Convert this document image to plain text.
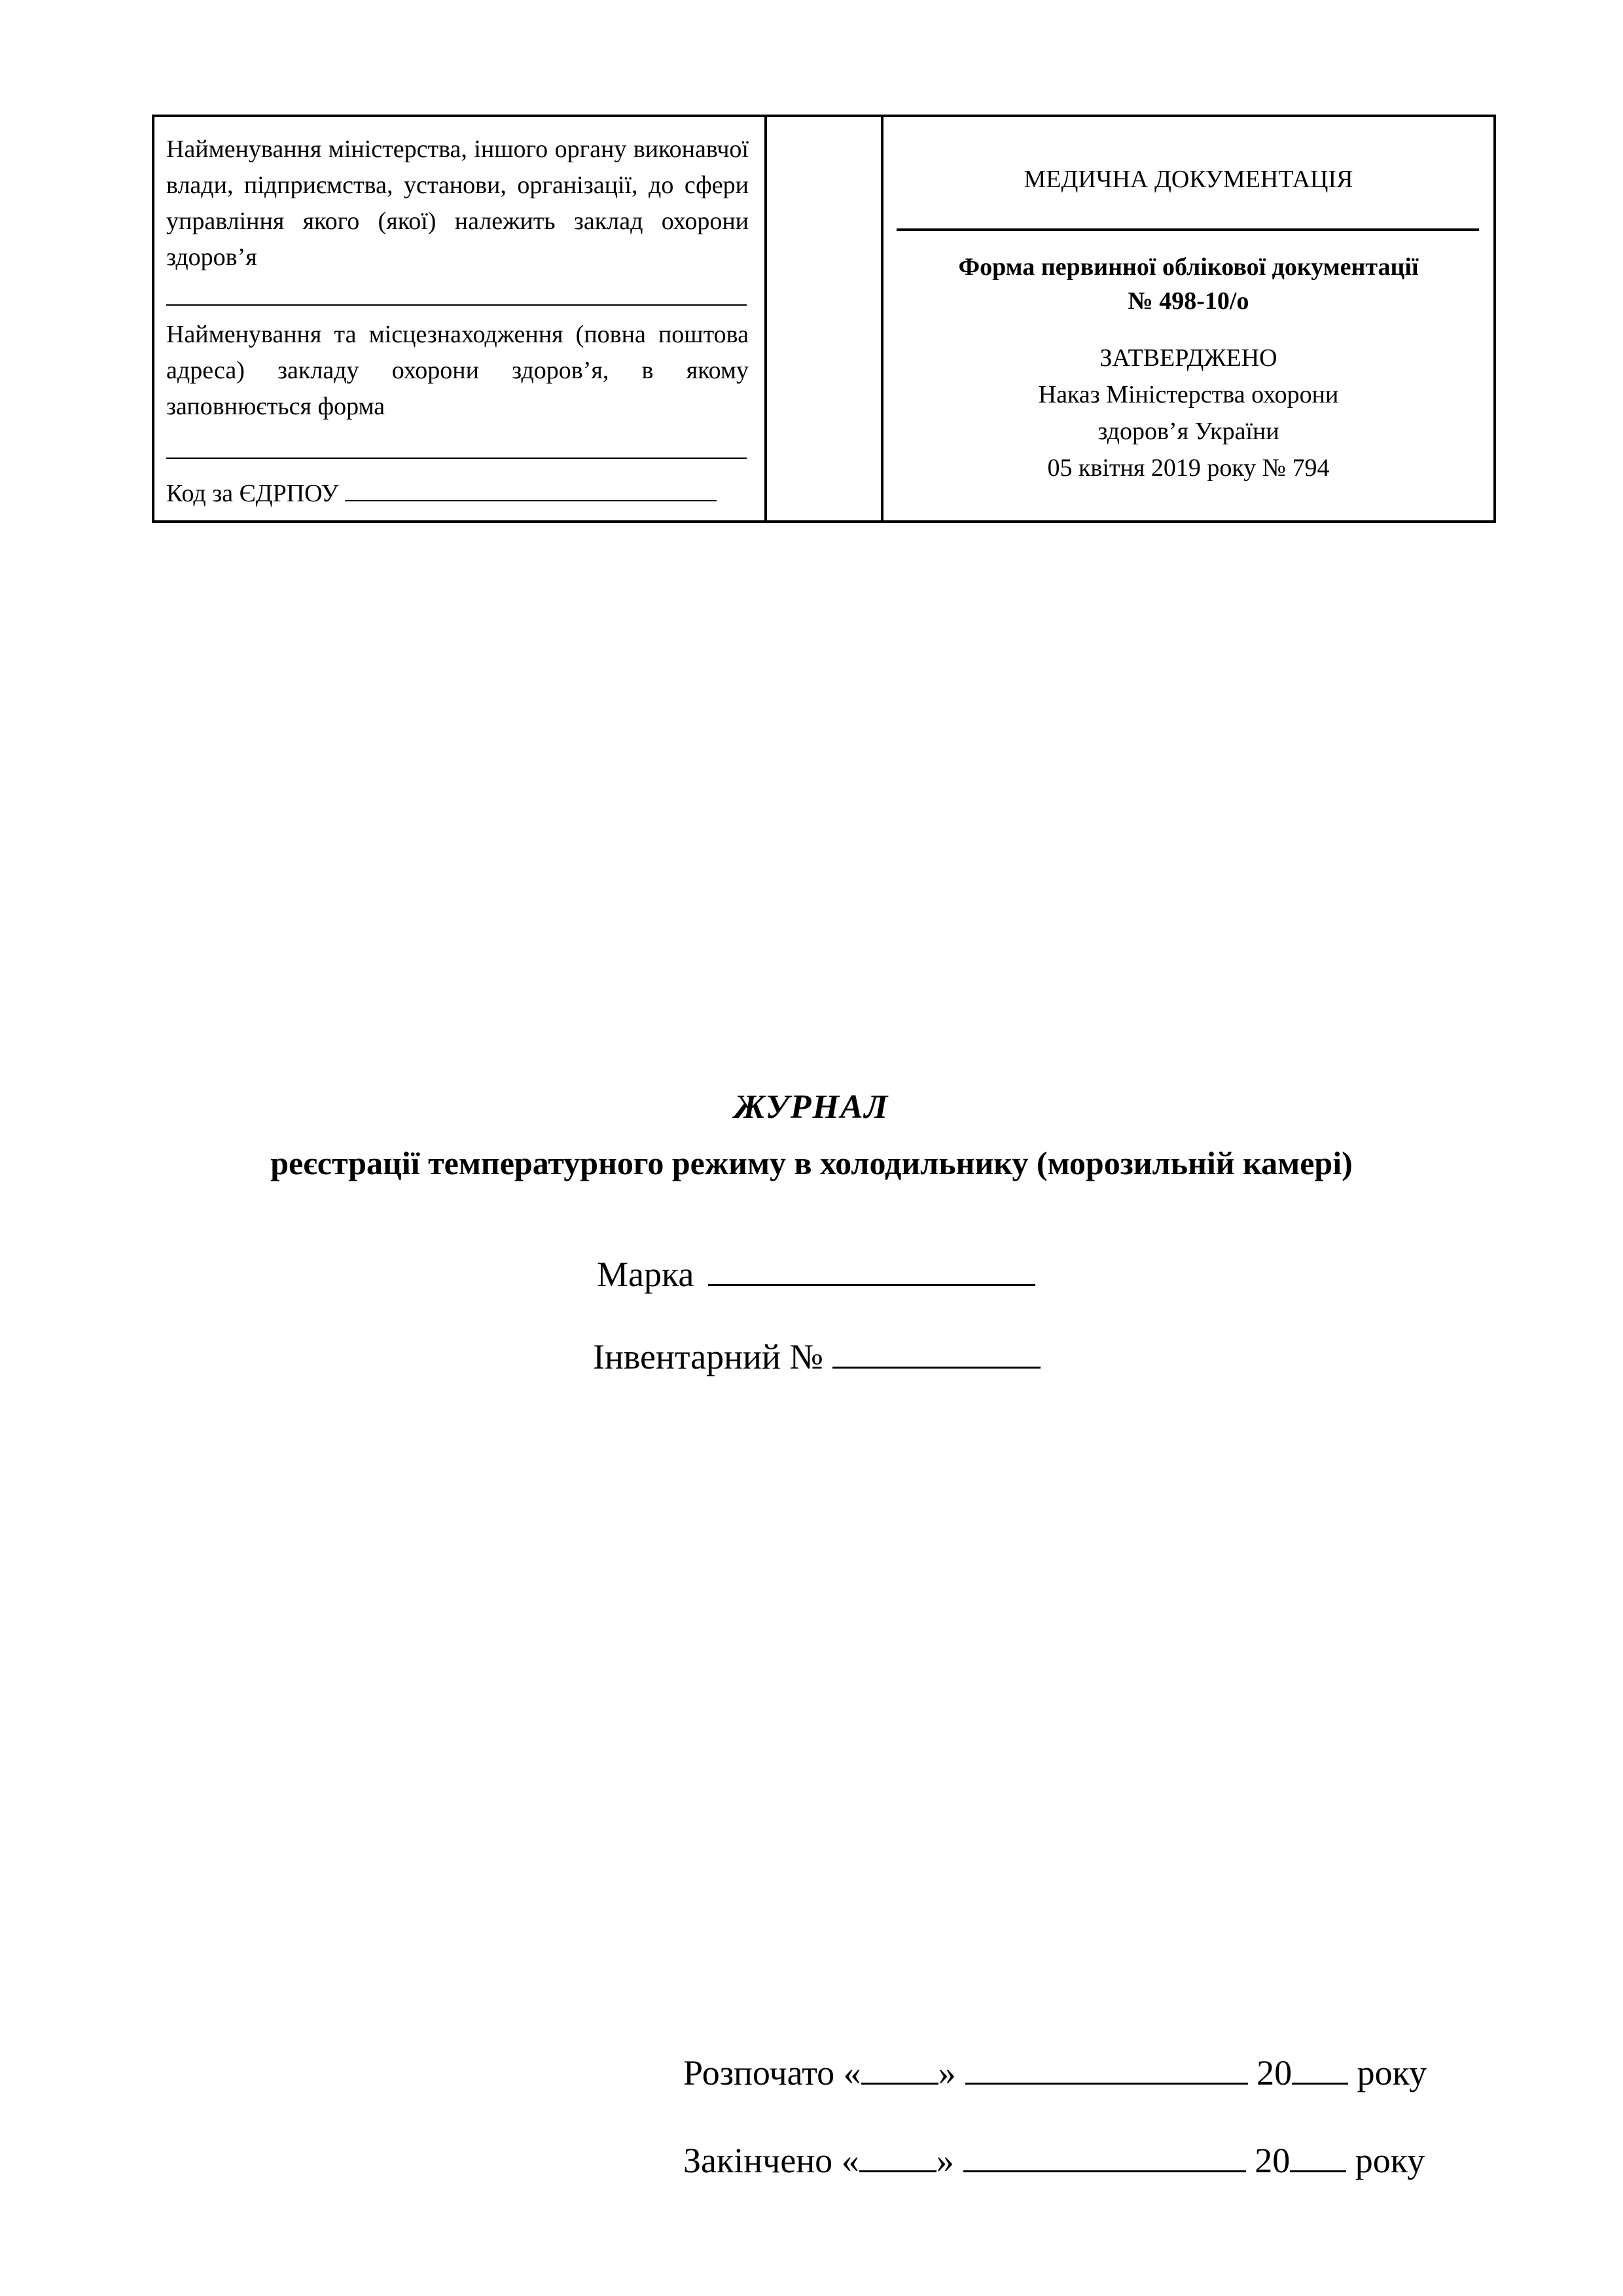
Найменування міністерства, іншого органу виконавчої влади, підприємства, установи, організації, до сфери управління якого (якої) належить заклад охорони здоров’я
Найменування та місцезнаходження (повна поштова адреса) закладу охорони здоров’я, в якому заповнюється форма
Код за ЄДРПОУ
МЕДИЧНА ДОКУМЕНТАЦІЯ
Форма первинної облікової документації
№ 498-10/о
ЗАТВЕРДЖЕНО
Наказ Міністерства охорони
здоров’я України
05 квітня 2019 року № 794
ЖУРНАЛ
реєстрації температурного режиму в холодильнику (морозильній камері)
Марка
Інвентарний №
Розпочато « »	20 року
Закінчено « »	20 року
